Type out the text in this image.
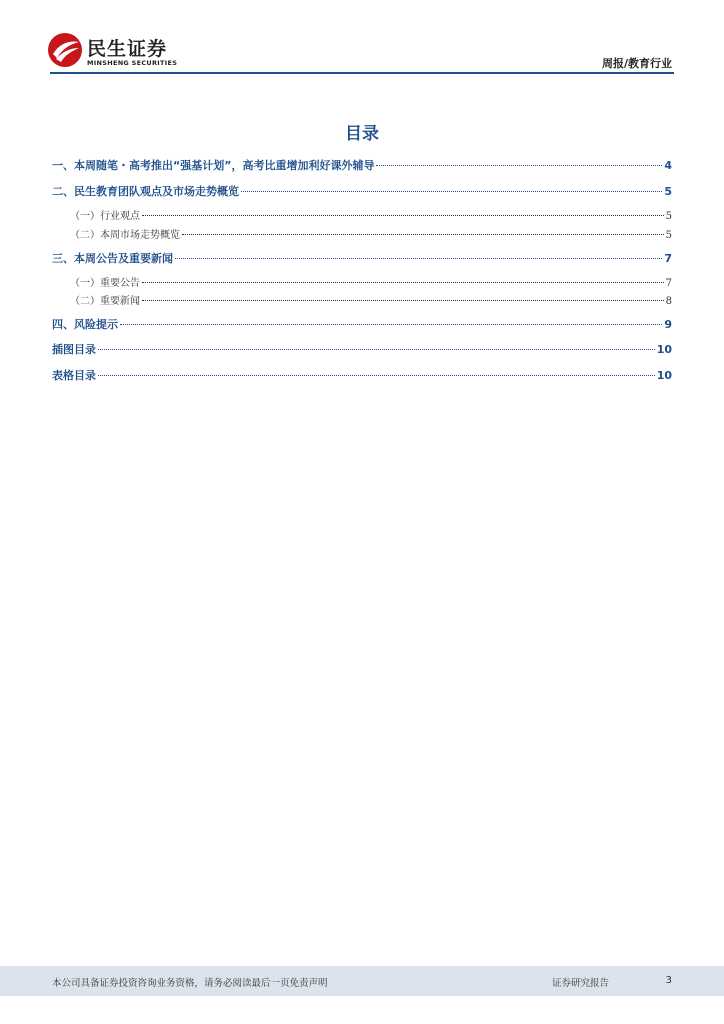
民生证券
MINSHENG SECURITIES	周报/教育行业
目录
一、本周随笔・高考推出“强基计划”，高考比重增加利好课外辅导	4
二、民生教育团队观点及市场走势概览	5
（一）行业观点	5
（二）本周市场走势概览	5
三、本周公告及重要新闻	7
（一）重要公告	7
（二）重要新闻	8
四、风险提示	9
插图目录	10
表格目录	10
本公司具备证券投资咨询业务资格，请务必阅读最后一页免责声明	证券研究报告	3
